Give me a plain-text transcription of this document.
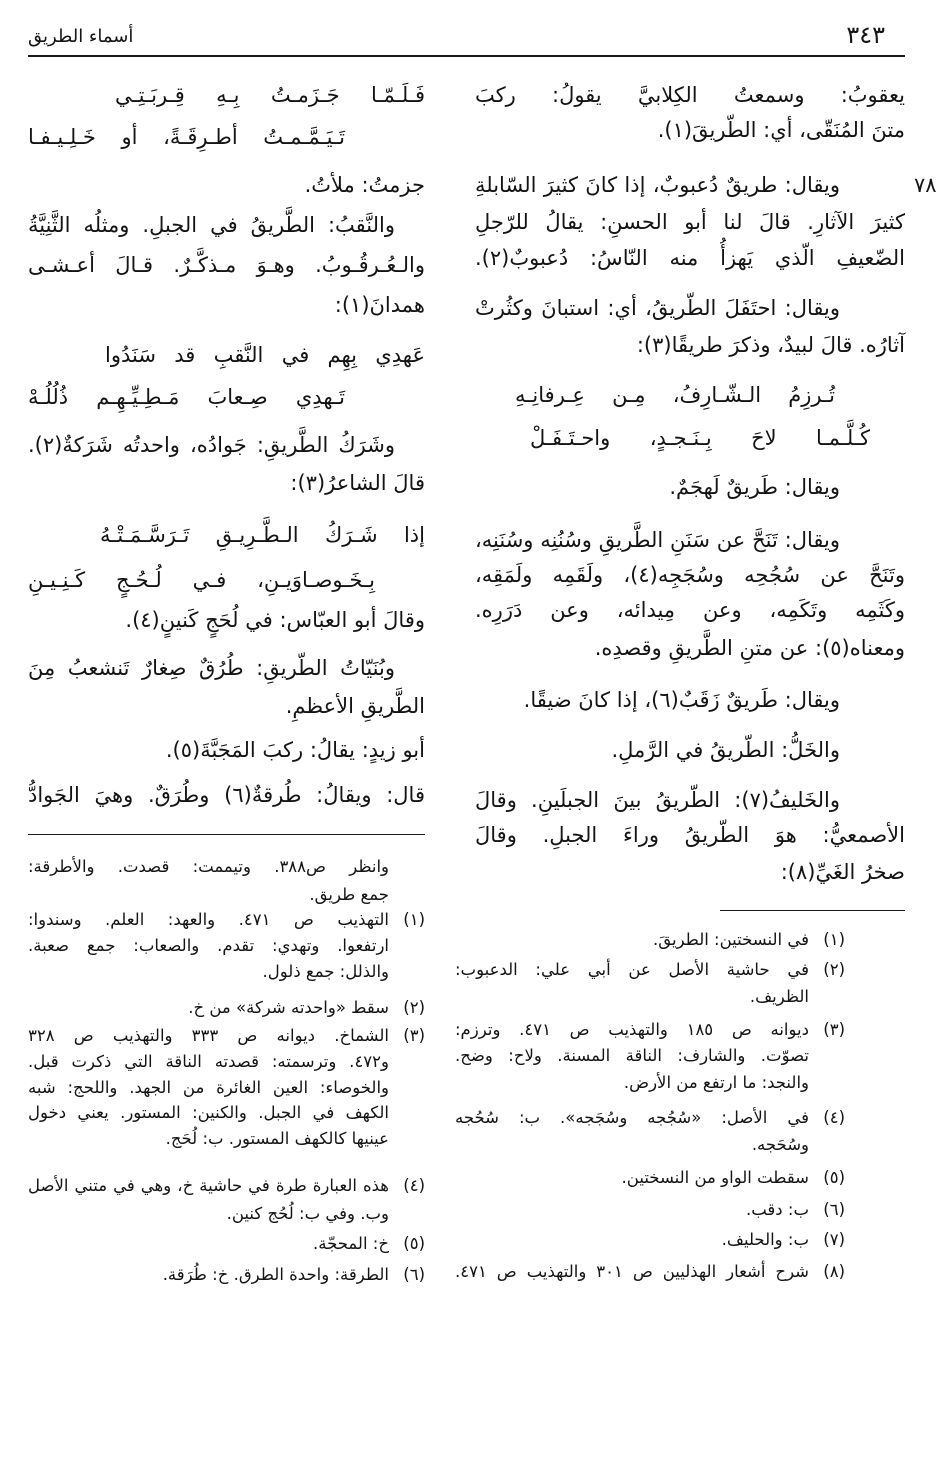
٣٤٣
أسماء الطريق
٧٨
يعقوبُ: وسمعتُ الكِلابيَّ يقولُ: ركبَ
متنَ المُنَقّى، أي: الطّريقَ(١).
ويقال: طريقٌ دُعبوبٌ، إذا كانَ كثيرَ السّابلةِ
كثيرَ الآثارِ. قالَ لنا أبو الحسنِ: يقالُ للرّجلِ
الضّعيفِ الّذي يَهزأُ منه النّاسُ: دُعبوبٌ(٢).
ويقال: احتَفَلَ الطّريقُ، أي: استبانَ وكثُرتْ
آثارُه. قالَ لبيدٌ، وذكرَ طريقًا(٣):
تُـرزِمُ الـشّـارِفُ، مِـن عِـرفانِـهِ
كُـلَّـمـا لاحَ بِـنَـجـدٍ، واحـتَـفَـلْ
ويقال: طَريقٌ لَهجَمٌ.
ويقال: تَنَحَّ عن سَنَنِ الطَّريقِ وسُنُنِه وسُنَنِه،
وتَنَحَّ عن سُجُحِه وسُجَجِه(٤)، ولَقَمِه ولَمَقِه،
وكَثَمِه وتَكَمِه، وعن مِيدائه، وعن دَرَرِه.
ومعناه(٥): عن متنِ الطَّريقِ وقصدِه.
ويقال: طَريقٌ زَقَبٌ(٦)، إذا كانَ ضيقًا.
والخَلُّ: الطّريقُ في الرَّملِ.
والخَليفُ(٧): الطّريقُ بينَ الجبلَينِ. وقالَ
الأصمعيُّ: هوَ الطّريقُ وراءَ الجبلِ. وقالَ
صخرُ الغَيِّ(٨):
فَـلَـمّـا جَـزَمـتُ بِـهِ قِـربَـتِـي
تَـيَـمَّـمـتُ أطـرِقَـةً، أو خَـلِـيـفـا
جزمتُ: ملأتُ.
والنَّقبُ: الطَّريقُ في الجبلِ. ومثلُه الثَّنِيَّةُ
والـعُـرقُـوبُ. وهـوَ مـذكَّـرٌ. قـالَ أعـشـى
همدانَ(١):
عَهدِي بِهِم في النَّقبِ قد سَنَدُوا
تَـهدِي صِـعابَ مَـطِـيِّـهِـم ذُلُلُـهْ
وشَرَكُ الطَّريقِ: جَوادُه، واحدتُه شَرَكةٌ(٢).
قالَ الشاعرُ(٣):
إذا شَـرَكُ الـطَّـرِيـقِ تَـرَسَّـمَـتْـهُ
بِـخَـوصـاوَيـنِ، فـي لُـحُـجٍ كَـنِـيـنِ
وقالَ أبو العبّاس: في لُحَجٍ كَنينٍ(٤).
وبُنَيّاتُ الطّريقِ: طُرُقٌ صِغارٌ تَنشعبُ مِنَ
الطَّريقِ الأعظمِ.
أبو زيدٍ: يقالُ: ركبَ المَجَبَّةَ(٥).
قال: ويقالُ: طُرقةٌ(٦) وطُرَقٌ. وهيَ الجَوادُّ
وانظر ص٣٨٨. وتيممت: قصدت. والأطرقة:
جمع طريق.
(١)
التهذيب ص ٤٧١. والعهد: العلم. وسندوا:
ارتفعوا. وتهدي: تقدم. والصعاب: جمع صعبة.
والذلل: جمع ذلول.
(٢)
سقط «واحدته شركة» من خ.
(٣)
الشماخ. ديوانه ص ٣٣٣ والتهذيب ص ٣٢٨
و٤٧٢. وترسمته: قصدته الناقة التي ذكرت قبل.
والخوصاء: العين الغائرة من الجهد. واللحج: شبه
الكهف في الجبل. والكنين: المستور. يعني دخول
عينيها كالكهف المستور. ب: لُحَج.
(٤)
هذه العبارة طرة في حاشية خ، وهي في متني الأصل
وب. وفي ب: لُحُج كنين.
(٥)
خ: المحجّة.
(٦)
الطرقة: واحدة الطرق. خ: طُرَقة.
(١)
في النسختين: الطريقَ.
(٢)
في حاشية الأصل عن أبي علي: الدعبوب:
الظريف.
(٣)
ديوانه ص ١٨٥ والتهذيب ص ٤٧١. وترزم:
تصوّت. والشارف: الناقة المسنة. ولاح: وضح.
والنجد: ما ارتفع من الأرض.
(٤)
في الأصل: «سُجُجه وسُجَجه». ب: سُحُجه
وسُحَجه.
(٥)
سقطت الواو من النسختين.
(٦)
ب: دقب.
(٧)
ب: والحليف.
(٨)
شرح أشعار الهذليين ص ٣٠١ والتهذيب ص ٤٧١.
